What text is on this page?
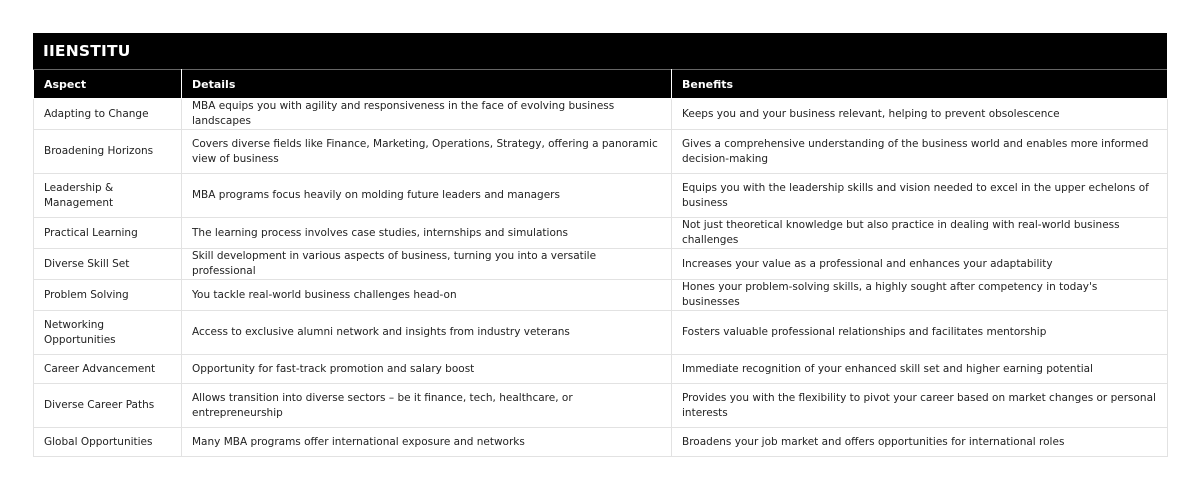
IIENSTITU
Aspect	Details	Benefits
Adapting to Change	MBA equips you with agility and responsiveness in the face of evolving business landscapes	Keeps you and your business relevant, helping to prevent obsolescence
Broadening Horizons	Covers diverse fields like Finance, Marketing, Operations, Strategy, offering a panoramic view of business	Gives a comprehensive understanding of the business world and enables more informed decision-making
Leadership & Management	MBA programs focus heavily on molding future leaders and managers	Equips you with the leadership skills and vision needed to excel in the upper echelons of business
Practical Learning	The learning process involves case studies, internships and simulations	Not just theoretical knowledge but also practice in dealing with real-world business challenges
Diverse Skill Set	Skill development in various aspects of business, turning you into a versatile professional	Increases your value as a professional and enhances your adaptability
Problem Solving	You tackle real-world business challenges head-on	Hones your problem-solving skills, a highly sought after competency in today's businesses
Networking Opportunities	Access to exclusive alumni network and insights from industry veterans	Fosters valuable professional relationships and facilitates mentorship
Career Advancement	Opportunity for fast-track promotion and salary boost	Immediate recognition of your enhanced skill set and higher earning potential
Diverse Career Paths	Allows transition into diverse sectors – be it finance, tech, healthcare, or entrepreneurship	Provides you with the flexibility to pivot your career based on market changes or personal interests
Global Opportunities	Many MBA programs offer international exposure and networks	Broadens your job market and offers opportunities for international roles
